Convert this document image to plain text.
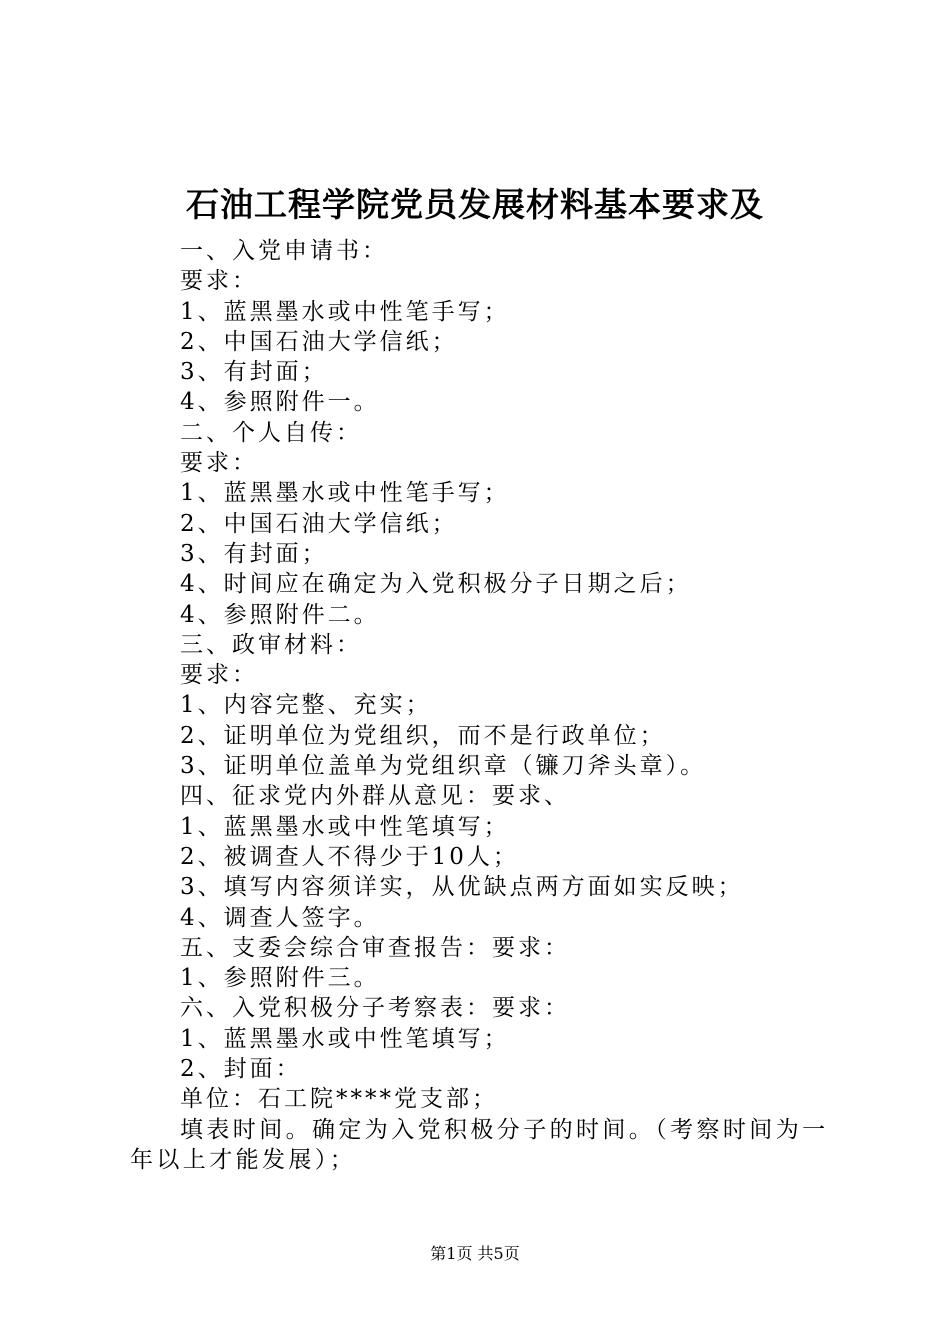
石油工程学院党员发展材料基本要求及
一、入党申请书：
要求：
1、蓝黑墨水或中性笔手写；
2、中国石油大学信纸；
3、有封面；
4、参照附件一。
二、个人自传：
要求：
1、蓝黑墨水或中性笔手写；
2、中国石油大学信纸；
3、有封面；
4、时间应在确定为入党积极分子日期之后；
4、参照附件二。
三、政审材料：
要求：
1、内容完整、充实；
2、证明单位为党组织，而不是行政单位；
3、证明单位盖单为党组织章（镰刀斧头章）。
四、征求党内外群从意见：要求、
1、蓝黑墨水或中性笔填写；
2、被调查人不得少于10人；
3、填写内容须详实，从优缺点两方面如实反映；
4、调查人签字。
五、支委会综合审查报告：要求：
1、参照附件三。
六、入党积极分子考察表：要求：
1、蓝黑墨水或中性笔填写；
2、封面：
单位：石工院****党支部；
填表时间。确定为入党积极分子的时间。（考察时间为一年以上才能发展）；
第1页 共5页
